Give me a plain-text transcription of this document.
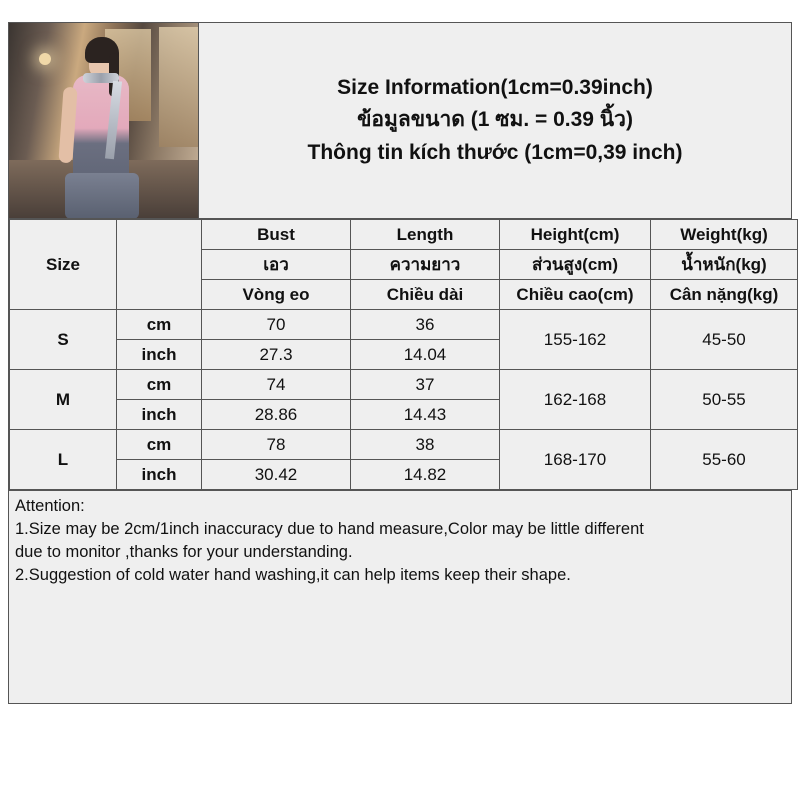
Size Information(1cm=0.39inch)
ข้อมูลขนาด (1 ซม. = 0.39 นิ้ว)
Thông tin kích thước (1cm=0,39 inch)
Size		Bust	Length	Height(cm)	Weight(kg)
		เอว	ความยาว	ส่วนสูง(cm)	น้ำหนัก(kg)
		Vòng eo	Chiều dài	Chiều cao(cm)	Cân nặng(kg)
S	cm	70	36	155-162	45-50
	inch	27.3	14.04		
M	cm	74	37	162-168	50-55
	inch	28.86	14.43		
L	cm	78	38	168-170	55-60
	inch	30.42	14.82		

Attention:

1.Size may be 2cm/1inch inaccuracy due to hand measure,Color may be little different

due to monitor ,thanks for your understanding.

2.Suggestion of cold water hand washing,it can help items keep their shape.
